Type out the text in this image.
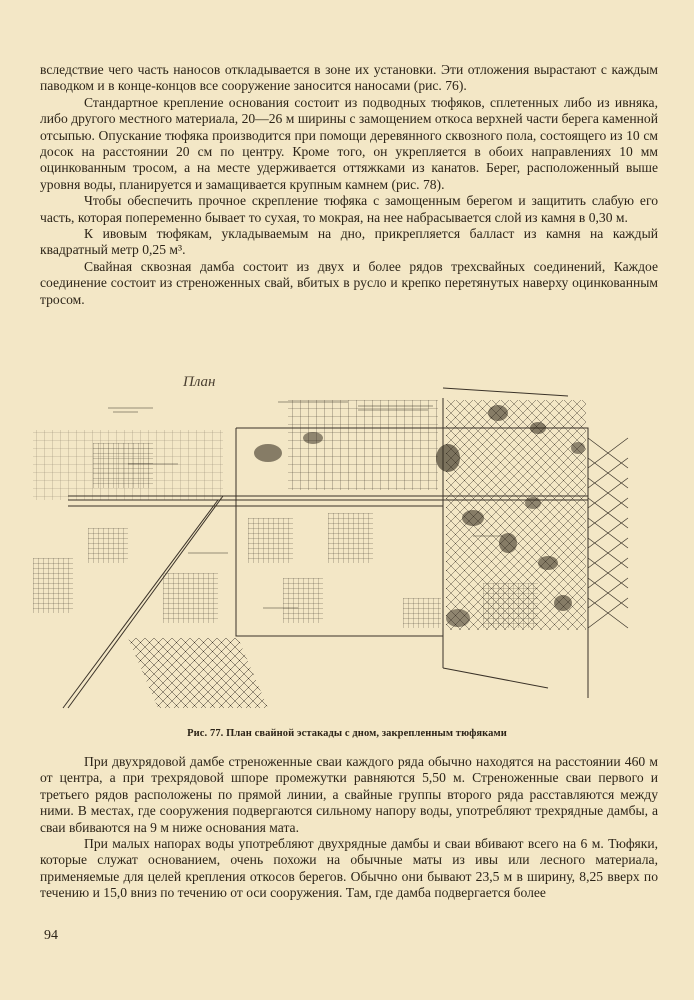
вследствие чего часть наносов откладывается в зоне их установки. Эти отложения вырастают с каждым паводком и в конце-концов все сооружение заносится наносами (рис. 76).

Стандартное крепление основания состоит из подводных тюфяков, сплетенных либо из ивняка, либо другого местного материала, 20—26 м ширины с замощением откоса верхней части берега каменной отсыпью. Опускание тюфяка производится при помощи деревянного сквозного пола, состоящего из 10 см досок на расстоянии 20 см по центру. Кроме того, он укрепляется в обоих направлениях 10 мм оцинкованным тросом, а на месте удерживается оттяжками из канатов. Берег, расположенный выше уровня воды, планируется и замащивается крупным камнем (рис. 78).

Чтобы обеспечить прочное скрепление тюфяка с замощенным берегом и защитить слабую его часть, которая попеременно бывает то сухая, то мокрая, на нее набрасывается слой из камня в 0,30 м.

К ивовым тюфякам, укладываемым на дно, прикрепляется балласт из камня на каждый квадратный метр 0,25 м³.

Свайная сквозная дамба состоит из двух и более рядов трехсвайных соединений, Каждое соединение состоит из стреноженных свай, вбитых в русло и крепко перетянутых наверху оцинкованным тросом.

План
Рис. 77. План свайной эстакады с дном, закрепленным тюфяками

При двухрядовой дамбе стреноженные сваи каждого ряда обычно находятся на расстоянии 460 м от центра, а при трехрядовой шпоре промежутки равняются 5,50 м. Стреноженные сваи первого и третьего рядов расположены по прямой линии, а свайные группы второго ряда расставляются между ними. В местах, где сооружения подвергаются сильному напору воды, употребляют трехрядные дамбы, а сваи вбиваются на 9 м ниже основания мата.

При малых напорах воды употребляют двухрядные дамбы и сваи вбивают всего на 6 м. Тюфяки, которые служат основанием, очень похожи на обычные маты из ивы или лесного материала, применяемые для целей крепления откосов берегов. Обычно они бывают 23,5 м в ширину, 8,25 вверх по течению и 15,0 вниз по течению от оси сооружения. Там, где дамба подвергается более

94
